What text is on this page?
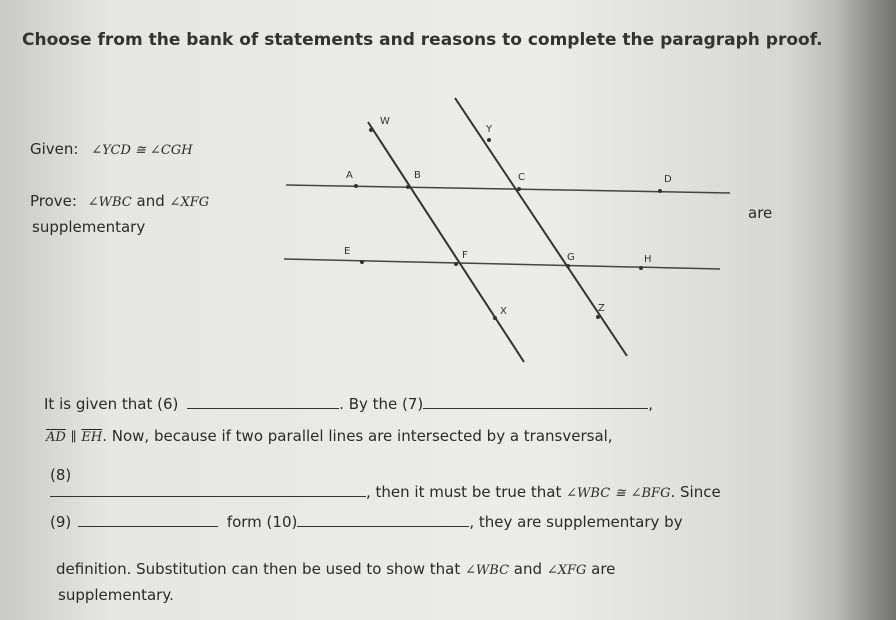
Choose from the bank of statements and reasons to complete the paragraph proof.
Given: ∠YCD ≅ ∠CGH
Prove: ∠WBC and ∠XFG
are
supplementary
W
Y
A	B	C	D
E	F	G	H
X	Z
It is given that (6)	. By the (7)	,
$\overline{AD}$ ∥ $\overline{EH}$. Now, because if two parallel lines are intersected by a transversal,
(8)
, then it must be true that ∠WBC ≅ ∠BFG. Since
(9)	form (10)	, they are supplementary by
definition. Substitution can then be used to show that ∠WBC and ∠XFG are
supplementary.
